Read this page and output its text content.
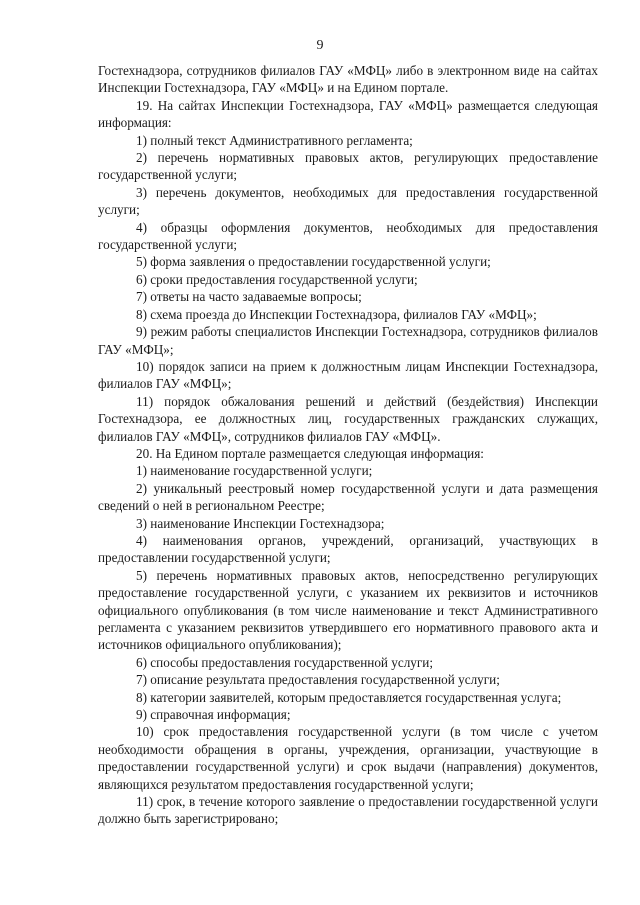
9

Гостехнадзора, сотрудников филиалов ГАУ «МФЦ» либо в электронном виде на сайтах Инспекции Гостехнадзора, ГАУ «МФЦ» и на Едином портале.

19. На сайтах Инспекции Гостехнадзора, ГАУ «МФЦ» размещается следующая информация:

1) полный текст Административного регламента;

2) перечень нормативных правовых актов, регулирующих предоставление государственной услуги;

3) перечень документов, необходимых для предоставления государственной услуги;

4) образцы оформления документов, необходимых для предоставления государственной услуги;

5) форма заявления о предоставлении государственной услуги;

6) сроки предоставления государственной услуги;

7) ответы на часто задаваемые вопросы;

8) схема проезда до Инспекции Гостехнадзора, филиалов ГАУ «МФЦ»;

9) режим работы специалистов Инспекции Гостехнадзора, сотрудников филиалов ГАУ «МФЦ»;

10) порядок записи на прием к должностным лицам Инспекции Гостехнадзора, филиалов ГАУ «МФЦ»;

11) порядок обжалования решений и действий (бездействия) Инспекции Гостехнадзора, ее должностных лиц, государственных гражданских служащих, филиалов ГАУ «МФЦ», сотрудников филиалов ГАУ «МФЦ».

20. На Едином портале размещается следующая информация:

1) наименование государственной услуги;

2) уникальный реестровый номер государственной услуги и дата размещения сведений о ней в региональном Реестре;

3) наименование Инспекции Гостехнадзора;

4) наименования органов, учреждений, организаций, участвующих в предоставлении государственной услуги;

5) перечень нормативных правовых актов, непосредственно регулирующих предоставление государственной услуги, с указанием их реквизитов и источников официального опубликования (в том числе наименование и текст Административного регламента с указанием реквизитов утвердившего его нормативного правового акта и источников официального опубликования);

6) способы предоставления государственной услуги;

7) описание результата предоставления государственной услуги;

8) категории заявителей, которым предоставляется государственная услуга;

9) справочная информация;

10) срок предоставления государственной услуги (в том числе с учетом необходимости обращения в органы, учреждения, организации, участвующие в предоставлении государственной услуги) и срок выдачи (направления) документов, являющихся результатом предоставления государственной услуги;

11) срок, в течение которого заявление о предоставлении государственной услуги должно быть зарегистрировано;
